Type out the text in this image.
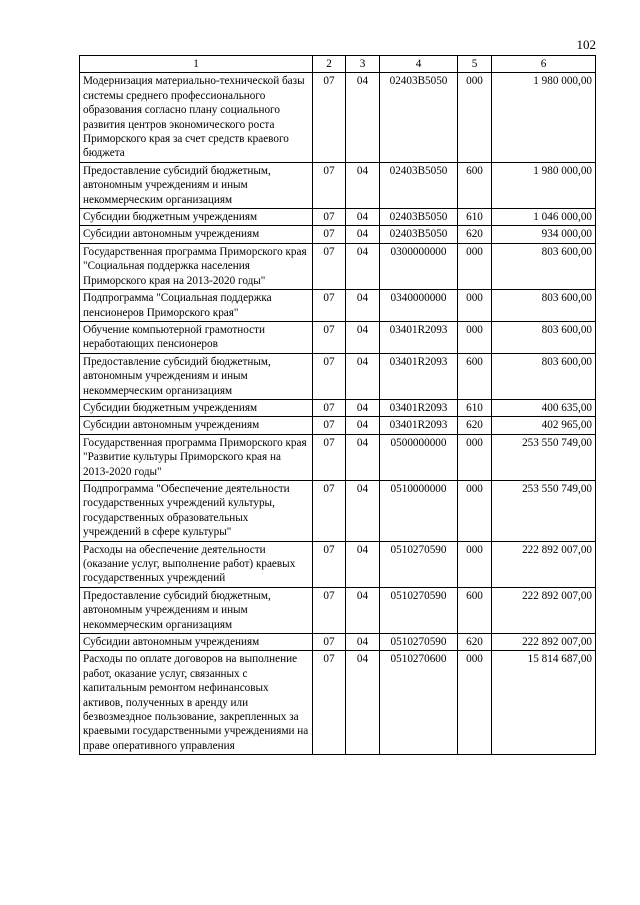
102
1	2	3	4	5	6
Модернизация материально-технической базы системы среднего профессионального образования согласно плану социального развития центров экономического роста Приморского края за счет средств краевого бюджета	07	04	02403B5050	000	1 980 000,00
Предоставление субсидий бюджетным, автономным учреждениям и иным некоммерческим организациям	07	04	02403B5050	600	1 980 000,00
Субсидии бюджетным учреждениям	07	04	02403B5050	610	1 046 000,00
Субсидии автономным учреждениям	07	04	02403B5050	620	934 000,00
Государственная программа Приморского края "Социальная поддержка населения Приморского края на 2013-2020 годы"	07	04	0300000000	000	803 600,00
Подпрограмма "Социальная поддержка пенсионеров Приморского края"	07	04	0340000000	000	803 600,00
Обучение компьютерной грамотности неработающих пенсионеров	07	04	03401R2093	000	803 600,00
Предоставление субсидий бюджетным, автономным учреждениям и иным некоммерческим организациям	07	04	03401R2093	600	803 600,00
Субсидии бюджетным учреждениям	07	04	03401R2093	610	400 635,00
Субсидии автономным учреждениям	07	04	03401R2093	620	402 965,00
Государственная программа Приморского края "Развитие культуры Приморского края на 2013-2020 годы"	07	04	0500000000	000	253 550 749,00
Подпрограмма "Обеспечение деятельности государственных учреждений культуры, государственных образовательных учреждений в сфере культуры"	07	04	0510000000	000	253 550 749,00
Расходы на обеспечение деятельности (оказание услуг, выполнение работ) краевых государственных учреждений	07	04	0510270590	000	222 892 007,00
Предоставление субсидий бюджетным, автономным учреждениям и иным некоммерческим организациям	07	04	0510270590	600	222 892 007,00
Субсидии автономным учреждениям	07	04	0510270590	620	222 892 007,00
Расходы по оплате договоров на выполнение работ, оказание услуг, связанных с капитальным ремонтом нефинансовых активов, полученных в аренду или безвозмездное пользование, закрепленных за краевыми государственными учреждениями на праве оперативного управления	07	04	0510270600	000	15 814 687,00
